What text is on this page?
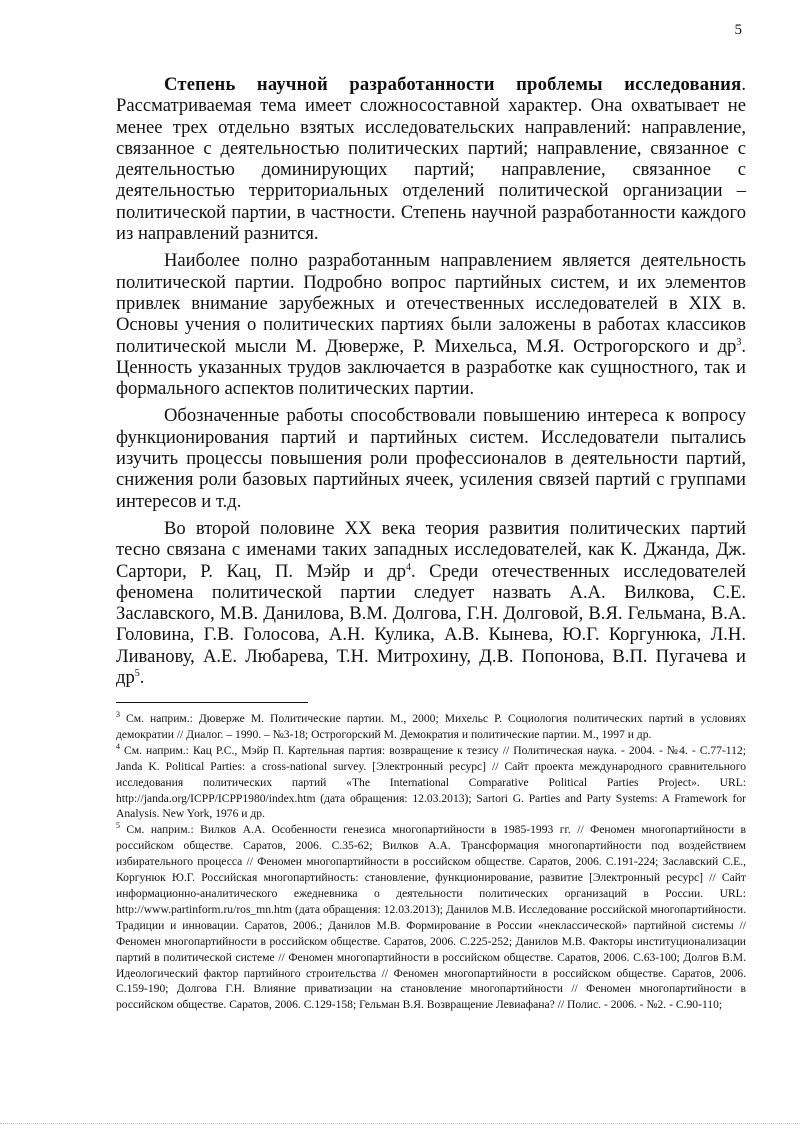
5

Степень научной разработанности проблемы исследования. Рассматриваемая тема имеет сложносоставной характер. Она охватывает не менее трех отдельно взятых исследовательских направлений: направление, связанное с деятельностью политических партий; направление, связанное с деятельностью доминирующих партий; направление, связанное с деятельностью территориальных отделений политической организации – политической партии, в частности. Степень научной разработанности каждого из направлений разнится.

Наиболее полно разработанным направлением является деятельность политической партии. Подробно вопрос партийных систем, и их элементов привлек внимание зарубежных и отечественных исследователей в XIX в. Основы учения о политических партиях были заложены в работах классиков политической мысли М. Дюверже, Р. Михельса, М.Я. Острогорского и $др^3$. Ценность указанных трудов заключается в разработке как сущностного, так и формального аспектов политических партии.

Обозначенные работы способствовали повышению интереса к вопросу функционирования партий и партийных систем. Исследователи пытались изучить процессы повышения роли профессионалов в деятельности партий, снижения роли базовых партийных ячеек, усиления связей партий с группами интересов и т.д.

Во второй половине XX века теория развития политических партий тесно связана с именами таких западных исследователей, как К. Джанда, Дж. Сартори, Р. Кац, П. Мэйр и $др^4$. Среди отечественных исследователей феномена политической партии следует назвать А.А. Вилкова, С.Е. Заславского, М.В. Данилова, В.М. Долгова, Г.Н. Долговой, В.Я. Гельмана, В.А. Головина, Г.В. Голосова, А.Н. Кулика, А.В. Кынева, Ю.Г. Коргунюка, Л.Н. Ливанову, А.Е. Любарева, Т.Н. Митрохину, Д.В. Попонова, В.П. Пугачева и $др^5$.

$^3$ См. наприм.: Дюверже М. Политические партии. М., 2000; Михельс Р. Социология политических партий в условиях демократии // Диалог. – 1990. – №3-18; Острогорский М. Демократия и политические партии. М., 1997 и др.

$^4$ См. наприм.: Кац Р.С., Мэйр П. Картельная партия: возвращение к тезису // Политическая наука. - 2004. - №4. - С.77-112; Janda K. Political Parties: a cross-national survey. [Электронный ресурс] // Сайт проекта международного сравнительного исследования политических партий «The International Comparative Political Parties Project». URL: http://janda.org/ICPP/ICPP1980/index.htm (дата обращения: 12.03.2013); Sartori G. Parties and Party Systems: A Framework for Analysis. New York, 1976 и др.

$^5$ См. наприм.: Вилков А.А. Особенности генезиса многопартийности в 1985-1993 гг. // Феномен многопартийности в российском обществе. Саратов, 2006. С.35-62; Вилков А.А. Трансформация многопартийности под воздействием избирательного процесса // Феномен многопартийности в российском обществе. Саратов, 2006. С.191-224; Заславский С.Е., Коргунюк Ю.Г. Российская многопартийность: становление, функционирование, развитие [Электронный ресурс] // Сайт информационно-аналитического ежедневника о деятельности политических организаций в России. URL: http://www.partinform.ru/ros_mn.htm (дата обращения: 12.03.2013); Данилов М.В. Исследование российской многопартийности. Традиции и инновации. Саратов, 2006.; Данилов М.В. Формирование в России «неклассической» партийной системы // Феномен многопартийности в российском обществе. Саратов, 2006. С.225-252; Данилов М.В. Факторы институционализации партий в политической системе // Феномен многопартийности в российском обществе. Саратов, 2006. С.63-100; Долгов В.М. Идеологический фактор партийного строительства // Феномен многопартийности в российском обществе. Саратов, 2006. С.159-190; Долгова Г.Н. Влияние приватизации на становление многопартийности // Феномен многопартийности в российском обществе. Саратов, 2006. С.129-158; Гельман В.Я. Возвращение Левиафана? // Полис. - 2006. - №2. - С.90-110;
